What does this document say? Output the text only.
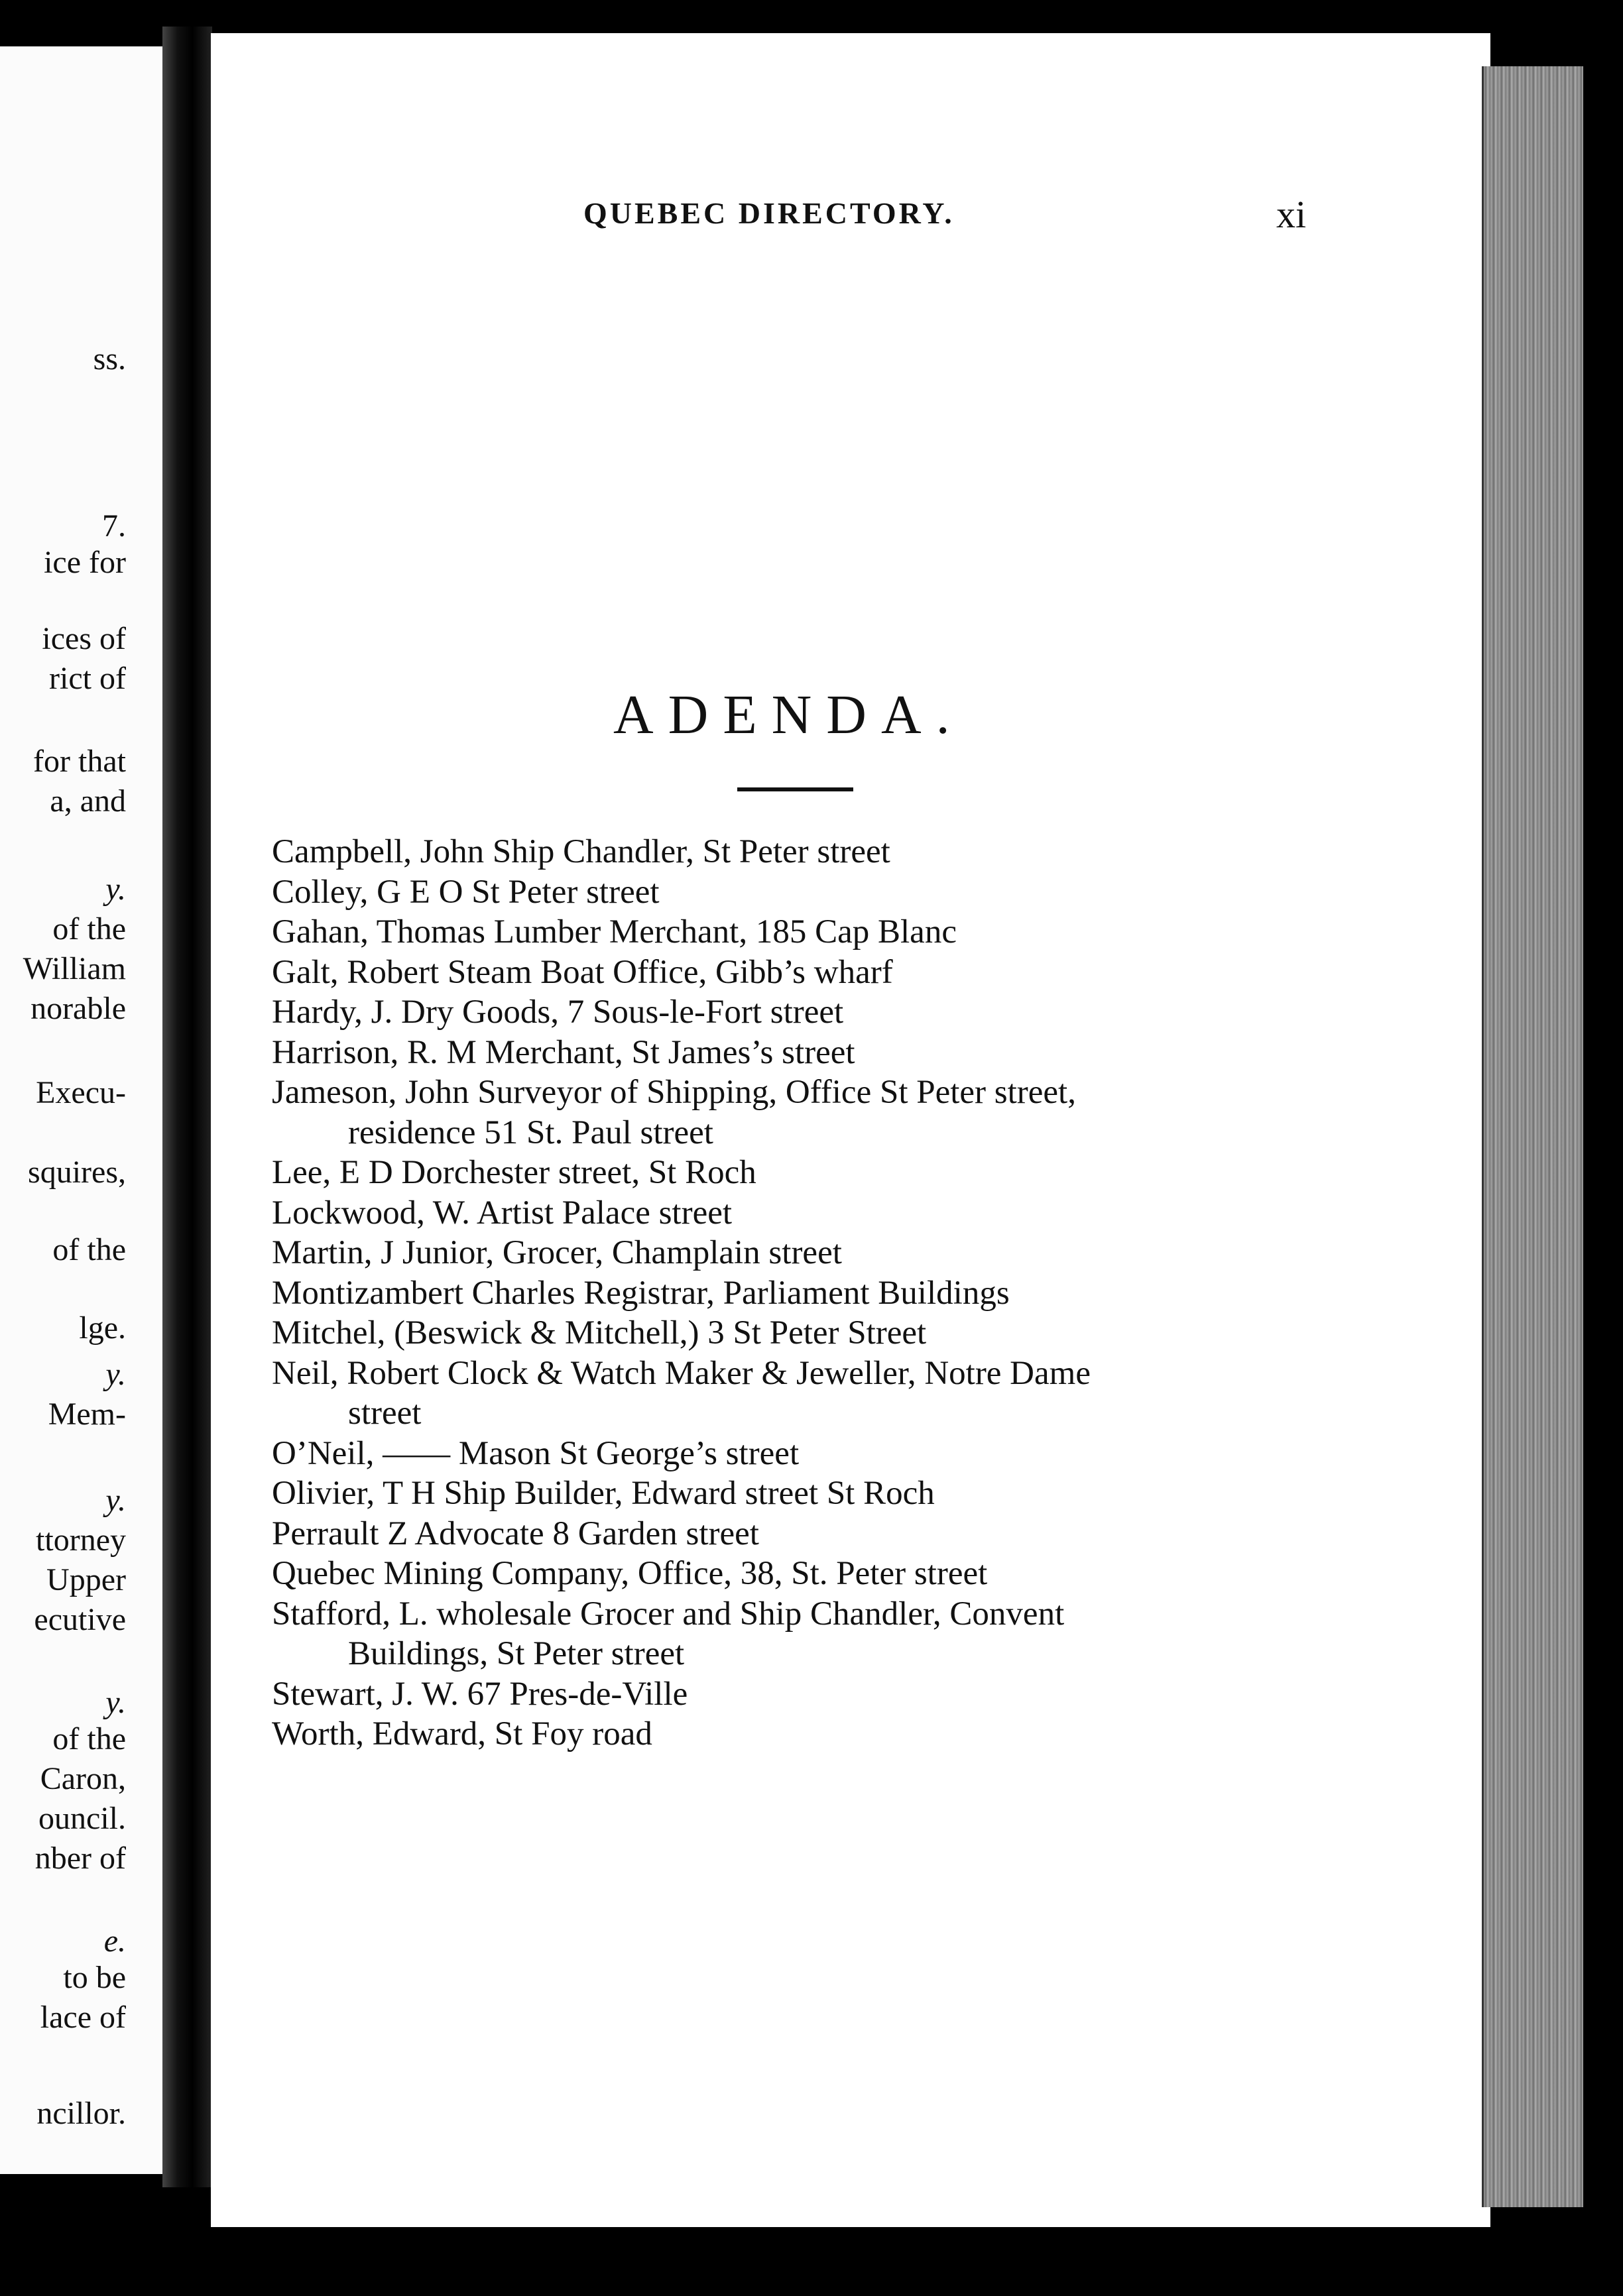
ss.
7.
ice for
ices of
rict of
for that
a, and
y.
of the
William
norable
Execu-
squires,
of the
lge.
y.
Mem-
y.
ttorney
Upper
ecutive
y.
of the
Caron,
ouncil.
nber of
e.
to be
lace of
ncillor.
QUEBEC DIRECTORY.	xi
ADENDA.
Campbell, John Ship Chandler, St Peter street
Colley, G E O St Peter street
Gahan, Thomas Lumber Merchant, 185 Cap Blanc
Galt, Robert Steam Boat Office, Gibb’s wharf
Hardy, J. Dry Goods, 7 Sous-le-Fort street
Harrison, R. M Merchant, St James’s street
Jameson, John Surveyor of Shipping, Office St Peter street,
residence 51 St. Paul street
Lee, E D Dorchester street, St Roch
Lockwood, W. Artist Palace street
Martin, J Junior, Grocer, Champlain street
Montizambert Charles Registrar, Parliament Buildings
Mitchel, (Beswick & Mitchell,) 3 St Peter Street
Neil, Robert Clock & Watch Maker & Jeweller, Notre Dame
street
O’Neil, —— Mason St George’s street
Olivier, T H Ship Builder, Edward street St Roch
Perrault Z Advocate 8 Garden street
Quebec Mining Company, Office, 38, St. Peter street
Stafford, L. wholesale Grocer and Ship Chandler, Convent
Buildings, St Peter street
Stewart, J. W. 67 Pres-de-Ville
Worth, Edward, St Foy road
